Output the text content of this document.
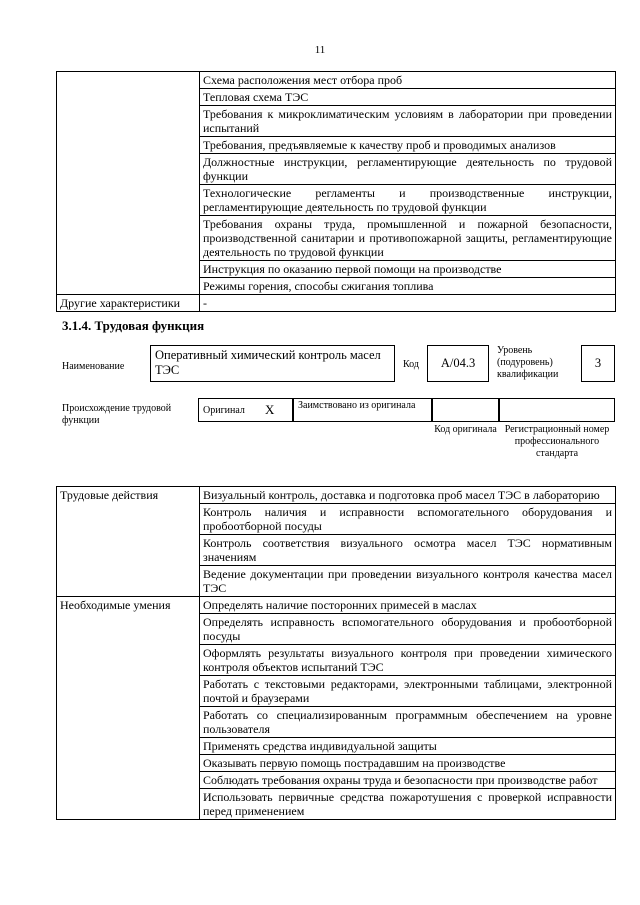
11
	Схема расположения мест отбора проб
	Тепловая схема ТЭС
	Требования к микроклиматическим условиям в лаборатории при проведении испытаний
	Требования, предъявляемые к качеству проб и проводимых анализов
	Должностные инструкции, регламентирующие деятельность по трудовой функции
	Технологические регламенты и производственные инструкции, регламентирующие деятельность по трудовой функции
	Требования охраны труда, промышленной и пожарной безопасности, производственной санитарии и противопожарной защиты, регламентирующие деятельность по трудовой функции
	Инструкция по оказанию первой помощи на производстве
	Режимы горения, способы сжигания топлива
Другие характеристики	-
3.1.4. Трудовая функция
Наименование
Оперативный химический контроль масел ТЭС	Код	A/04.3
Уровень (подуровень) квалификации
3
Происхождение трудовой функции
Оригинал X Заимствовано из оригинала
Код оригинала Регистрационный номер профессионального стандарта
Трудовые действия	Визуальный контроль, доставка и подготовка проб масел ТЭС в лабораторию
	Контроль наличия и исправности вспомогательного оборудования и пробоотборной посуды
	Контроль соответствия визуального осмотра масел ТЭС нормативным значениям
	Ведение документации при проведении визуального контроля качества масел ТЭС
Необходимые умения	Определять наличие посторонних примесей в маслах
	Определять исправность вспомогательного оборудования и пробоотборной посуды
	Оформлять результаты визуального контроля при проведении химического контроля объектов испытаний ТЭС
	Работать с текстовыми редакторами, электронными таблицами, электронной почтой и браузерами
	Работать со специализированным программным обеспечением на уровне пользователя
	Применять средства индивидуальной защиты
	Оказывать первую помощь пострадавшим на производстве
	Соблюдать требования охраны труда и безопасности при производстве работ
	Использовать первичные средства пожаротушения с проверкой исправности перед применением
